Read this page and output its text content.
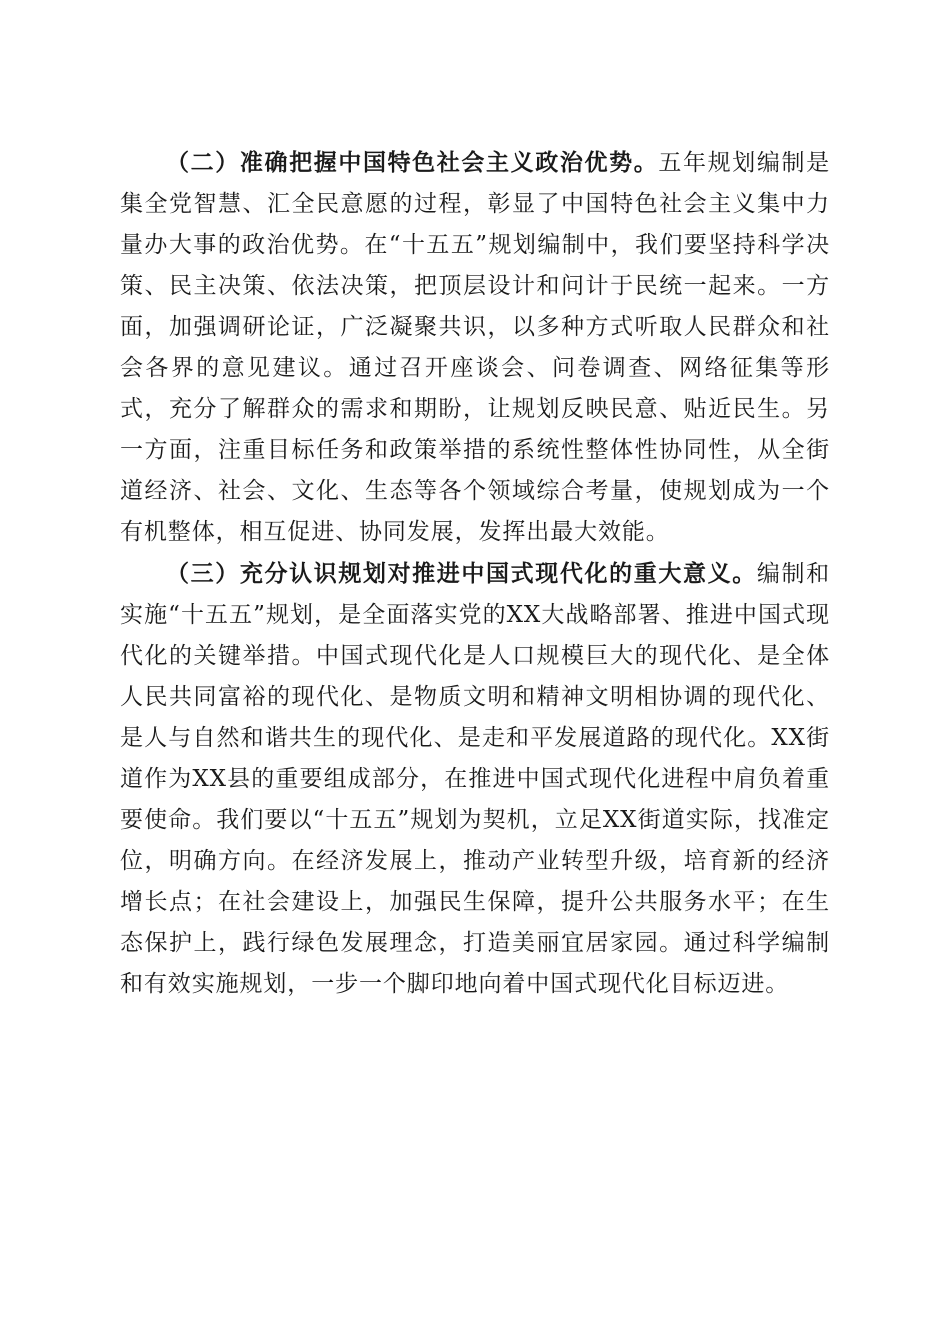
（二）准确把握中国特色社会主义政治优势。五年规划编制是集全党智慧、汇全民意愿的过程，彰显了中国特色社会主义集中力量办大事的政治优势。在“十五五”规划编制中，我们要坚持科学决策、民主决策、依法决策，把顶层设计和问计于民统一起来。一方面，加强调研论证，广泛凝聚共识，以多种方式听取人民群众和社会各界的意见建议。通过召开座谈会、问卷调查、网络征集等形式，充分了解群众的需求和期盼，让规划反映民意、贴近民生。另一方面，注重目标任务和政策举措的系统性整体性协同性，从全街道经济、社会、文化、生态等各个领域综合考量，使规划成为一个有机整体，相互促进、协同发展，发挥出最大效能。

（三）充分认识规划对推进中国式现代化的重大意义。编制和实施“十五五”规划，是全面落实党的XX大战略部署、推进中国式现代化的关键举措。中国式现代化是人口规模巨大的现代化、是全体人民共同富裕的现代化、是物质文明和精神文明相协调的现代化、是人与自然和谐共生的现代化、是走和平发展道路的现代化。XX街道作为XX县的重要组成部分，在推进中国式现代化进程中肩负着重要使命。我们要以“十五五”规划为契机，立足XX街道实际，找准定位，明确方向。在经济发展上，推动产业转型升级，培育新的经济增长点；在社会建设上，加强民生保障，提升公共服务水平；在生态保护上，践行绿色发展理念，打造美丽宜居家园。通过科学编制和有效实施规划，一步一个脚印地向着中国式现代化目标迈进。
